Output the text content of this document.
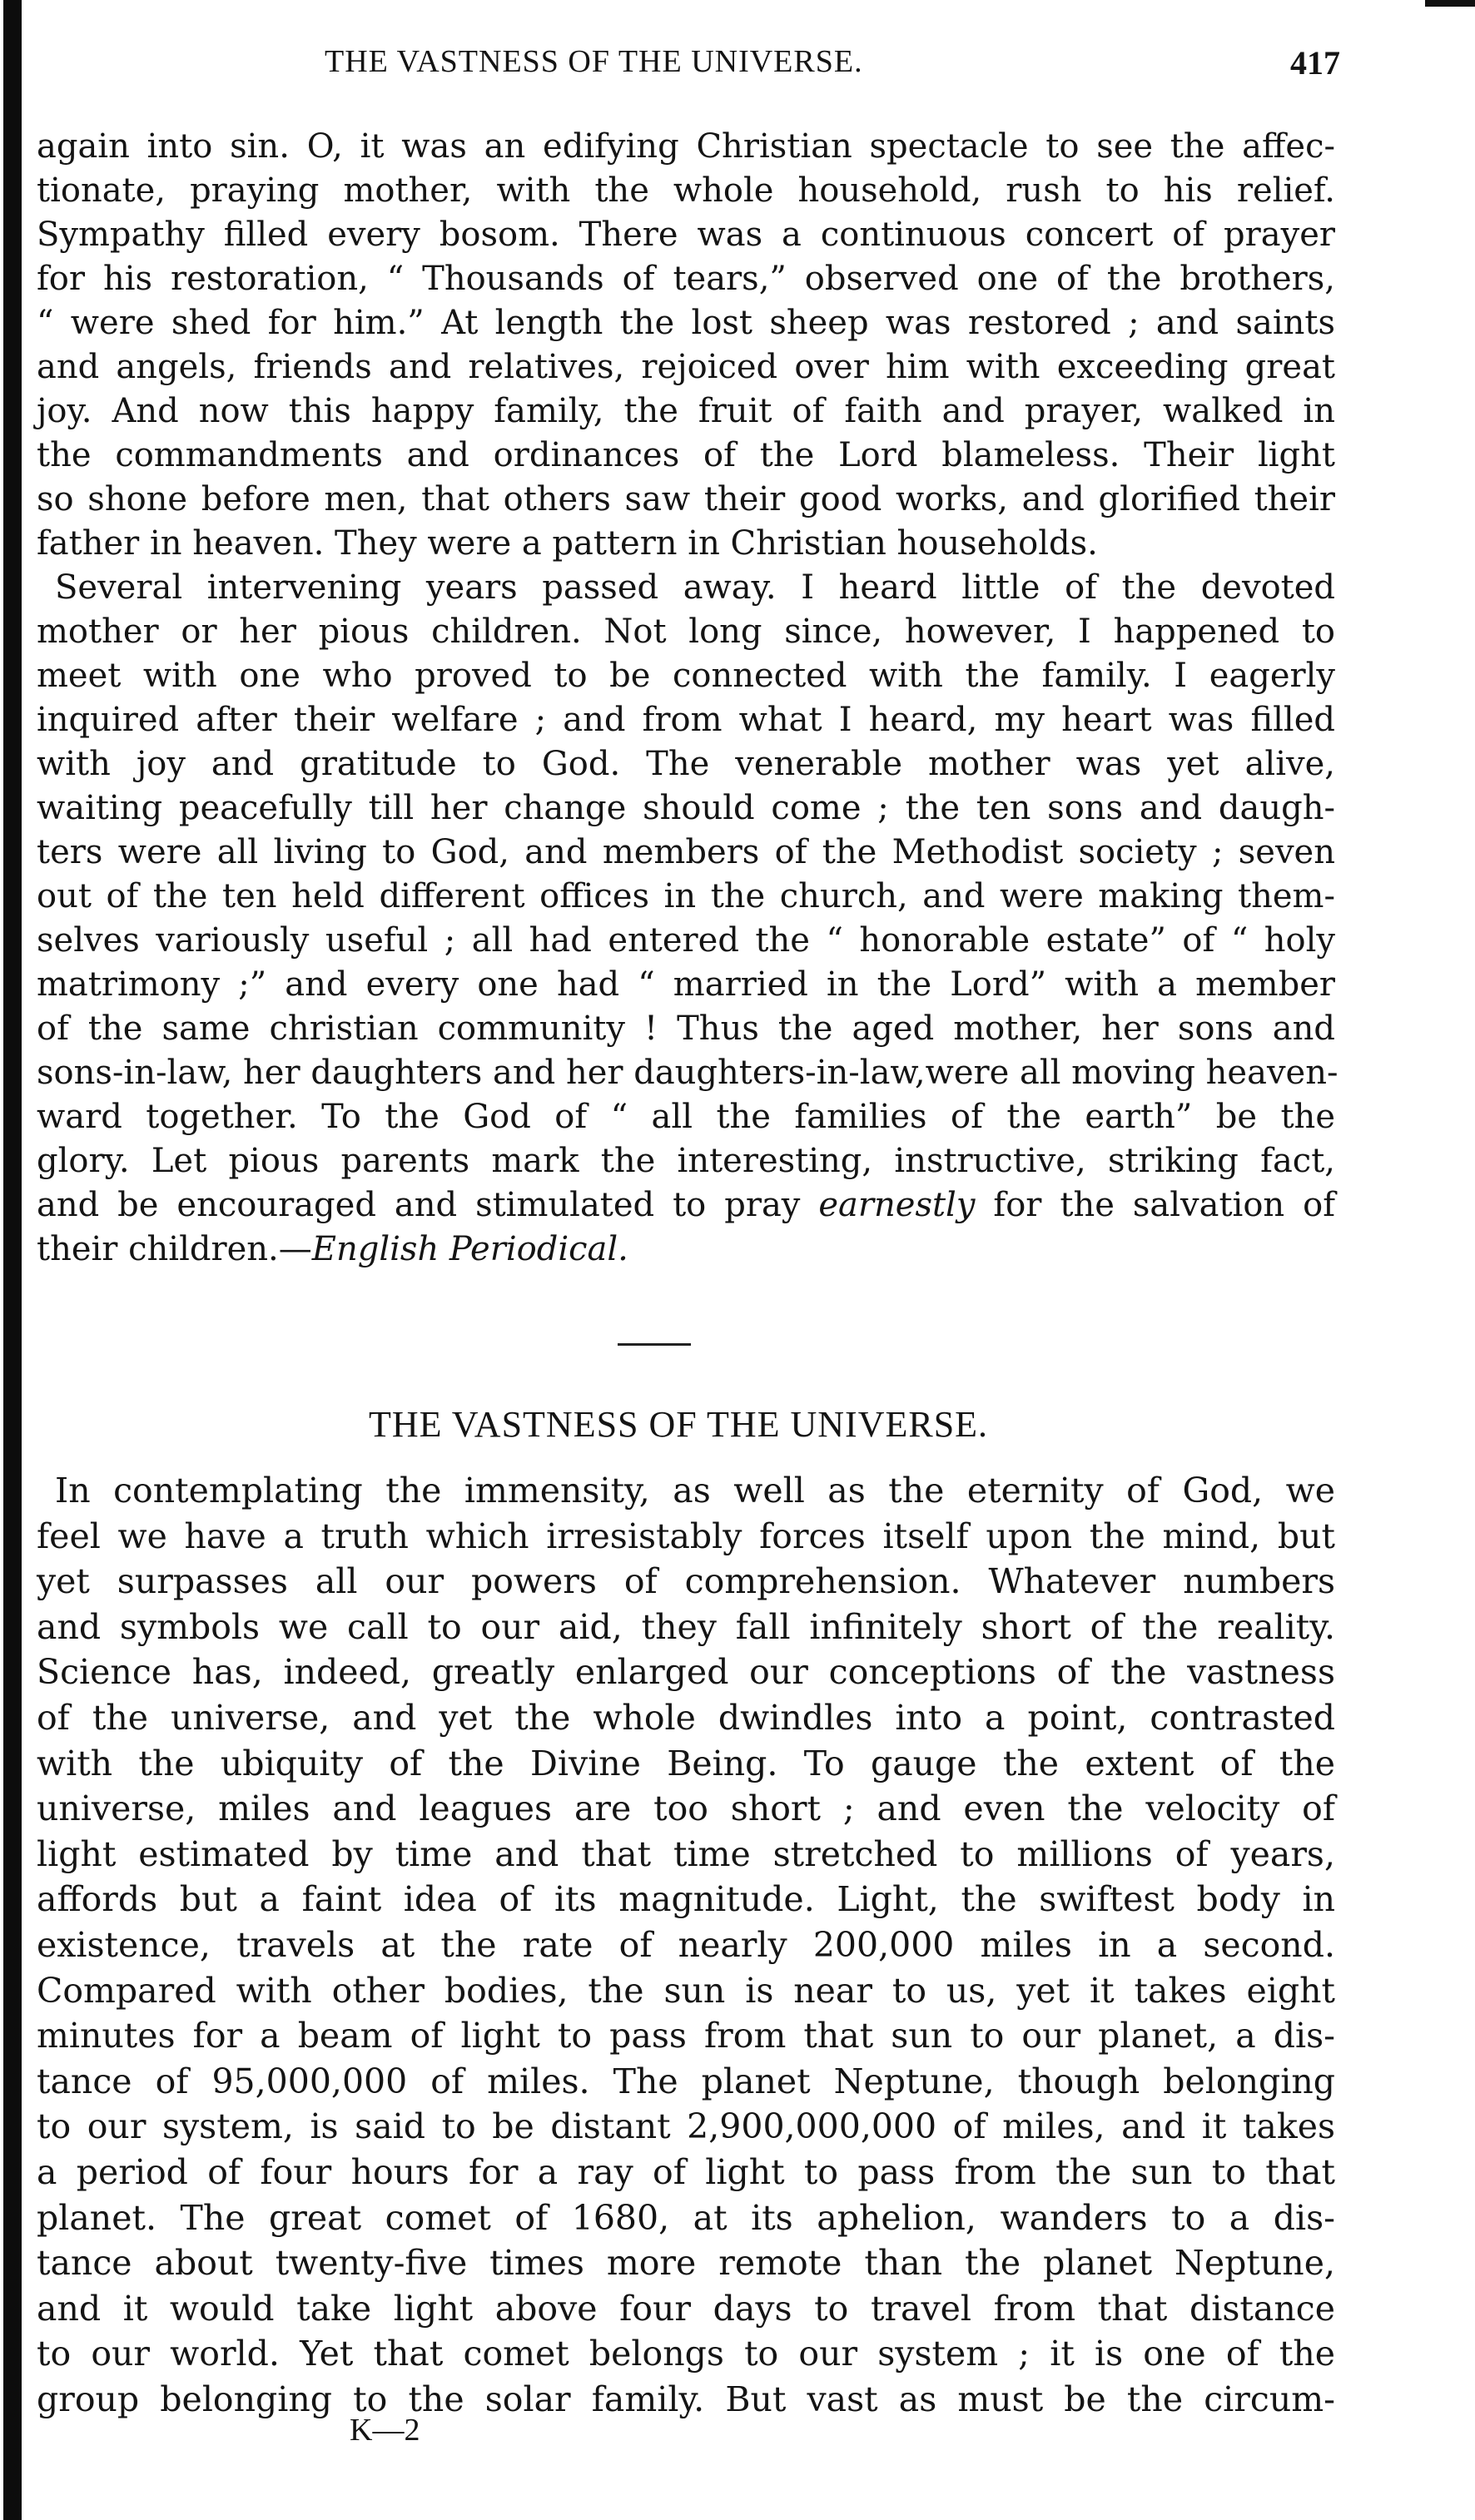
THE VASTNESS OF THE UNIVERSE.	417
again into sin. O, it was an edifying Christian spectacle to see the affec-
tionate, praying mother, with the whole household, rush to his relief.
Sympathy filled every bosom. There was a continuous concert of prayer
for his restoration, “ Thousands of tears,” observed one of the brothers,
“ were shed for him.” At length the lost sheep was restored ; and saints
and angels, friends and relatives, rejoiced over him with exceeding great
joy. And now this happy family, the fruit of faith and prayer, walked in
the commandments and ordinances of the Lord blameless. Their light
so shone before men, that others saw their good works, and glorified their
father in heaven. They were a pattern in Christian households.
Several intervening years passed away. I heard little of the devoted
mother or her pious children. Not long since, however, I happened to
meet with one who proved to be connected with the family. I eagerly
inquired after their welfare ; and from what I heard, my heart was filled
with joy and gratitude to God. The venerable mother was yet alive,
waiting peacefully till her change should come ; the ten sons and daugh-
ters were all living to God, and members of the Methodist society ; seven
out of the ten held different offices in the church, and were making them-
selves variously useful ; all had entered the “ honorable estate” of “ holy
matrimony ;” and every one had “ married in the Lord” with a member
of the same christian community ! Thus the aged mother, her sons and
sons-in-law, her daughters and her daughters-in-law,were all moving heaven-
ward together. To the God of “ all the families of the earth” be the
glory. Let pious parents mark the interesting, instructive, striking fact,
and be encouraged and stimulated to pray earnestly for the salvation of
their children.—English Periodical.
THE VASTNESS OF THE UNIVERSE.
In contemplating the immensity, as well as the eternity of God, we
feel we have a truth which irresistably forces itself upon the mind, but
yet surpasses all our powers of comprehension. Whatever numbers
and symbols we call to our aid, they fall infinitely short of the reality.
Science has, indeed, greatly enlarged our conceptions of the vastness
of the universe, and yet the whole dwindles into a point, contrasted
with the ubiquity of the Divine Being. To gauge the extent of the
universe, miles and leagues are too short ; and even the velocity of
light estimated by time and that time stretched to millions of years,
affords but a faint idea of its magnitude. Light, the swiftest body in
existence, travels at the rate of nearly 200,000 miles in a second.
Compared with other bodies, the sun is near to us, yet it takes eight
minutes for a beam of light to pass from that sun to our planet, a dis-
tance of 95,000,000 of miles. The planet Neptune, though belonging
to our system, is said to be distant 2,900,000,000 of miles, and it takes
a period of four hours for a ray of light to pass from the sun to that
planet. The great comet of 1680, at its aphelion, wanders to a dis-
tance about twenty-five times more remote than the planet Neptune,
and it would take light above four days to travel from that distance
to our world. Yet that comet belongs to our system ; it is one of the
group belonging to the solar family. But vast as must be the circum-
K—2
